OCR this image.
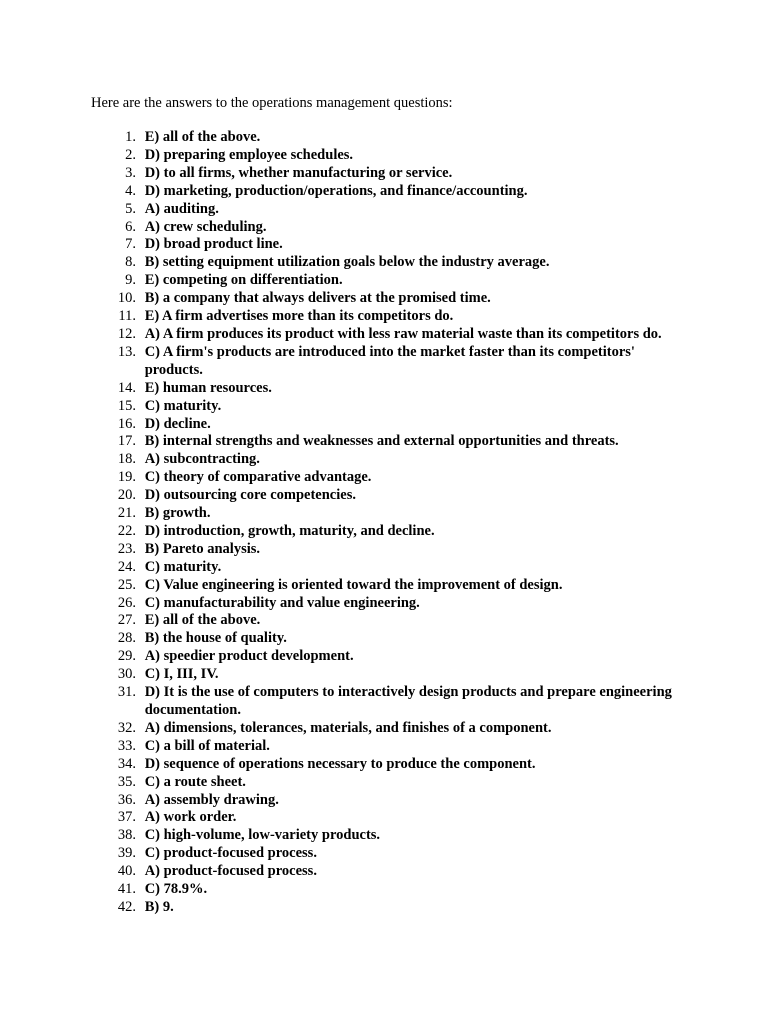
Here are the answers to the operations management questions:
1. E) all of the above.
2. D) preparing employee schedules.
3. D) to all firms, whether manufacturing or service.
4. D) marketing, production/operations, and finance/accounting.
5. A) auditing.
6. A) crew scheduling.
7. D) broad product line.
8. B) setting equipment utilization goals below the industry average.
9. E) competing on differentiation.
10. B) a company that always delivers at the promised time.
11. E) A firm advertises more than its competitors do.
12. A) A firm produces its product with less raw material waste than its competitors do.
13. C) A firm's products are introduced into the market faster than its competitors' products.
14. E) human resources.
15. C) maturity.
16. D) decline.
17. B) internal strengths and weaknesses and external opportunities and threats.
18. A) subcontracting.
19. C) theory of comparative advantage.
20. D) outsourcing core competencies.
21. B) growth.
22. D) introduction, growth, maturity, and decline.
23. B) Pareto analysis.
24. C) maturity.
25. C) Value engineering is oriented toward the improvement of design.
26. C) manufacturability and value engineering.
27. E) all of the above.
28. B) the house of quality.
29. A) speedier product development.
30. C) I, III, IV.
31. D) It is the use of computers to interactively design products and prepare engineering documentation.
32. A) dimensions, tolerances, materials, and finishes of a component.
33. C) a bill of material.
34. D) sequence of operations necessary to produce the component.
35. C) a route sheet.
36. A) assembly drawing.
37. A) work order.
38. C) high-volume, low-variety products.
39. C) product-focused process.
40. A) product-focused process.
41. C) 78.9%.
42. B) 9.
